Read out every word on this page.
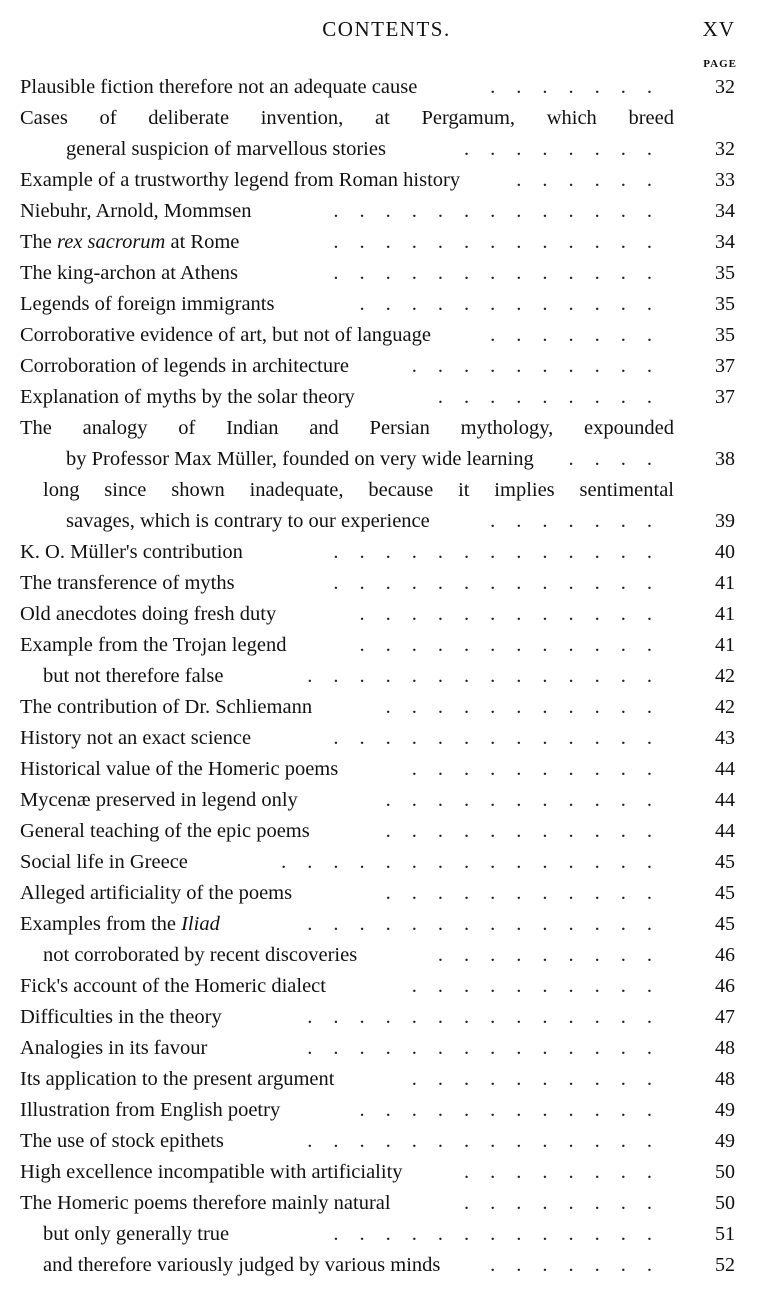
CONTENTS.	XV
PAGE
Plausible fiction therefore not an adequate cause	32
.......
Cases of deliberate invention, at Pergamum, which breed
general suspicion of marvellous stories	32
........
Example of a trustworthy legend from Roman history	33
......
Niebuhr, Arnold, Mommsen	34
.............
The rex sacrorum at Rome	34
.............
The king-archon at Athens	35
.............
Legends of foreign immigrants	35
............
Corroborative evidence of art, but not of language	35
.......
Corroboration of legends in architecture	37
..........
Explanation of myths by the solar theory	37
.........
The analogy of Indian and Persian mythology, expounded
by Professor Max Müller, founded on very wide learning	38
....
long since shown inadequate, because it implies sentimental
savages, which is contrary to our experience	39
.......
K. O. Müller's contribution	40
.............
The transference of myths	41
.............
Old anecdotes doing fresh duty	41
............
Example from the Trojan legend	41
............
but not therefore false	42
..............
The contribution of Dr. Schliemann	42
...........
History not an exact science	43
.............
Historical value of the Homeric poems	44
..........
Mycenæ preserved in legend only	44
...........
General teaching of the epic poems	44
...........
Social life in Greece	45
...............
Alleged artificiality of the poems	45
...........
Examples from the Iliad	45
..............
not corroborated by recent discoveries	46
.........
Fick's account of the Homeric dialect	46
..........
Difficulties in the theory	47
..............
Analogies in its favour	48
..............
Its application to the present argument	48
..........
Illustration from English poetry	49
............
The use of stock epithets	49
..............
High excellence incompatible with artificiality	50
........
The Homeric poems therefore mainly natural	50
........
but only generally true	51
.............
and therefore variously judged by various minds	52
.......
